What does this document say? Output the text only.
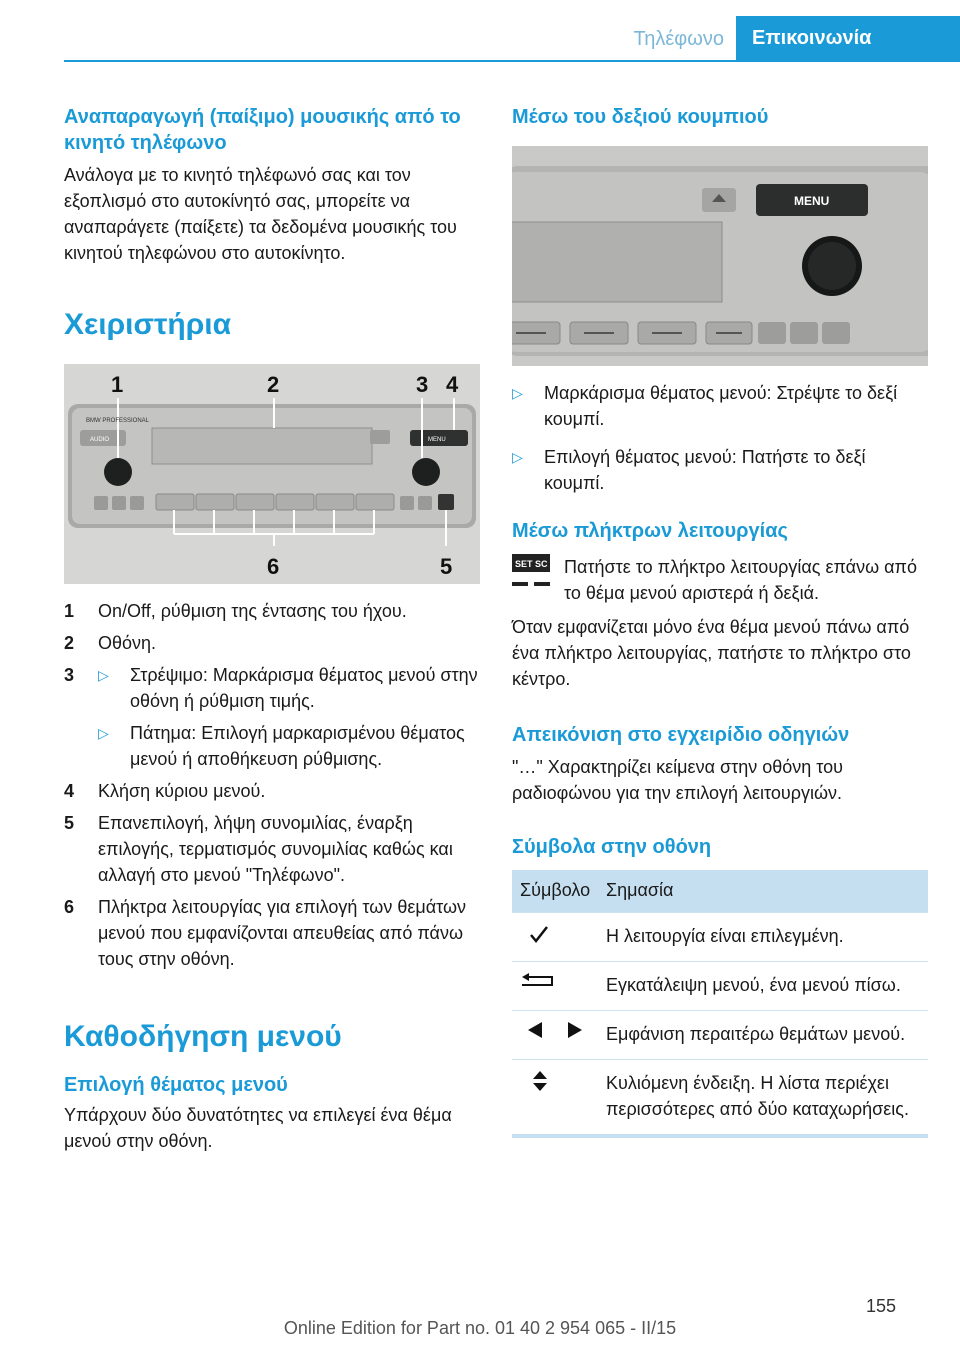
Τηλέφωνο	Επικοινωνία
Αναπαραγωγή (παίξιμο) μουσικής από το κινητό τηλέφωνο
Ανάλογα με το κινητό τηλέφωνό σας και τον εξοπλισμό στο αυτοκίνητό σας, μπορείτε να αναπαράγετε (παίξετε) τα δεδομένα μουσικής του κινητού τηλεφώνου στο αυτοκίνητο.
Χειριστήρια
1	2	3 4
5
6
BMW PROFESSIONAL
AUDIO	MENU
1	On/Off, ρύθμιση της έντασης του ήχου.
2	Οθόνη.
3	▷	Στρέψιμο: Μαρκάρισμα θέματος μενού στην οθόνη ή ρύθμιση τιμής.
▷	Πάτημα: Επιλογή μαρκαρισμένου θέματος μενού ή αποθήκευση ρύθμισης.
4	Κλήση κύριου μενού.
5	Επανεπιλογή, λήψη συνομιλίας, έναρξη επιλογής, τερματισμός συνομιλίας καθώς και αλλαγή στο μενού "Τηλέφωνο".
6	Πλήκτρα λειτουργίας για επιλογή των θεμάτων μενού που εμφανίζονται απευθείας από πάνω τους στην οθόνη.
Καθοδήγηση μενού
Επιλογή θέματος μενού
Υπάρχουν δύο δυνατότητες να επιλεγεί ένα θέμα μενού στην οθόνη.
Μέσω του δεξιού κουμπιού
MENU
▷	Μαρκάρισμα θέματος μενού: Στρέψτε το δεξί κουμπί.
▷	Επιλογή θέματος μενού: Πατήστε το δεξί κουμπί.
Μέσω πλήκτρων λειτουργίας
SET SC Πατήστε το πλήκτρο λειτουργίας επάνω από το θέμα μενού αριστερά ή δεξιά.
Όταν εμφανίζεται μόνο ένα θέμα μενού πάνω από ένα πλήκτρο λειτουργίας, πατήστε το πλήκτρο στο κέντρο.
Απεικόνιση στο εγχειρίδιο οδηγιών
"…" Χαρακτηρίζει κείμενα στην οθόνη του ραδιοφώνου για την επιλογή λειτουργιών.
Σύμβολα στην οθόνη
Σύμβολο Σημασία
Η λειτουργία είναι επιλεγμένη.
Εγκατάλειψη μενού, ένα μενού πίσω.
Εμφάνιση περαιτέρω θεμάτων μενού.
Κυλιόμενη ένδειξη. Η λίστα περιέχει περισσότερες από δύο καταχωρήσεις.
155
Online Edition for Part no. 01 40 2 954 065 - II/15
